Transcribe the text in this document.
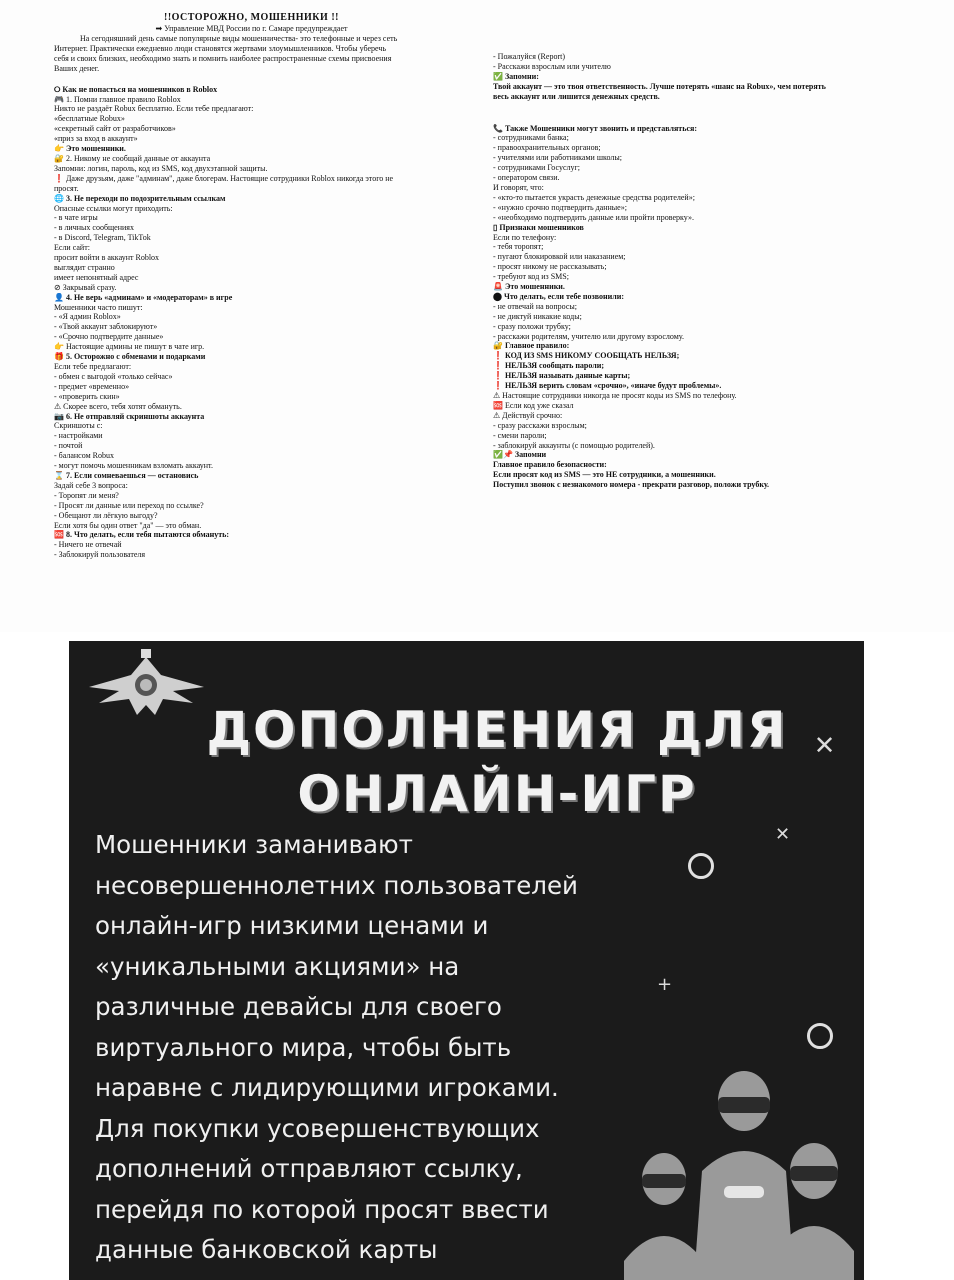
!!ОСТОРОЖНО, МОШЕННИКИ !!
➡ Управление МВД России по г. Самаре предупреждает
На сегодняшний день самые популярные виды мошенничества- это телефонные и через сеть
Интернет. Практически ежедневно люди становятся жертвами злоумышленников. Чтобы уберечь
себя и своих близких, необходимо знать и помнить наиболее распространенные схемы присвоения
Ваших денег.
⭘ Как не попасться на мошенников в Roblox
🎮 1. Помни главное правило Roblox
Никто не раздаёт Robux бесплатно. Если тебе предлагают:
«бесплатные Robux»
«секретный сайт от разработчиков»
«приз за вход в аккаунт»
👉 Это мошенники.
🔐 2. Никому не сообщай данные от аккаунта
Запомни: логин, пароль, код из SMS, код двухэтапной защиты.
❗ Даже друзьям, даже "админам", даже блогерам. Настоящие сотрудники Roblox никогда этого не
просят.
🌐 3. Не переходи по подозрительным ссылкам
Опасные ссылки могут приходить:
- в чате игры
- в личных сообщениях
- в Discord, Telegram, TikTok
Если сайт:
просит войти в аккаунт Roblox
выглядит странно
имеет непонятный адрес
⊘ Закрывай сразу.
👤 4. Не верь «админам» и «модераторам» в игре
Мошенники часто пишут:
- «Я админ Roblox»
- «Твой аккаунт заблокируют»
- «Срочно подтвердите данные»
👉 Настоящие админы не пишут в чате игр.
🎁 5. Осторожно с обменами и подарками
Если тебе предлагают:
- обмен с выгодой «только сейчас»
- предмет «временно»
- «проверить скин»
⚠ Скорее всего, тебя хотят обмануть.
📷 6. Не отправляй скриншоты аккаунта
Скриншоты с:
- настройками
- почтой
- балансом Robux
- могут помочь мошенникам взломать аккаунт.
⌛ 7. Если сомневаешься — остановись
Задай себе 3 вопроса:
- Торопят ли меня?
- Просят ли данные или переход по ссылке?
- Обещают ли лёгкую выгоду?
Если хотя бы один ответ "да" — это обман.
🆘 8. Что делать, если тебя пытаются обмануть:
- Ничего не отвечай
- Заблокируй пользователя
- Пожалуйся (Report)
- Расскажи взрослым или учителю
✅ Запомни:
Твой аккаунт — это твоя ответственность. Лучше потерять «шанс на Robux», чем потерять
весь аккаунт или лишится денежных средств.
📞 Также Мошенники могут звонить и представляться:
- сотрудниками банка;
- правоохранительных органов;
- учителями или работниками школы;
- сотрудниками Госуслуг;
- оператором связи.
И говорят, что:
- «кто-то пытается украсть денежные средства родителей»;
- «нужно срочно подтвердить данные»;
- «необходимо подтвердить данные или пройти проверку».
▯ Признаки мошенников
Если по телефону:
- тебя торопят;
- пугают блокировкой или наказанием;
- просят никому не рассказывать;
- требуют код из SMS;
🚨 Это мошенники.
⬤ Что делать, если тебе позвонили:
- не отвечай на вопросы;
- не диктуй никакие коды;
- сразу положи трубку;
- расскажи родителям, учителю или другому взрослому.
🔐 Главное правило:
❗ КОД ИЗ SMS НИКОМУ СООБЩАТЬ НЕЛЬЗЯ;
❗ НЕЛЬЗЯ сообщать пароли;
❗ НЕЛЬЗЯ называть данные карты;
❗ НЕЛЬЗЯ верить словам «срочно», «иначе будут проблемы».
⚠ Настоящие сотрудники никогда не просят коды из SMS по телефону.
🆘 Если код уже сказал
⚠ Действуй срочно:
- сразу расскажи взрослым;
- смени пароли;
- заблокируй аккаунты (с помощью родителей).
✅📌 Запомни
Главное правило безопасности:
Если просят код из SMS — это НЕ сотрудники, а мошенники.
Поступил звонок с незнакомого номера - прекрати разговор, положи трубку.
ДОПОЛНЕНИЯ ДЛЯ
ОНЛАЙН-ИГР
+
✕
+
Мошенники заманивают
несовершеннолетних пользователей
онлайн-игр низкими ценами и
«уникальными акциями» на
различные девайсы для своего
виртуального мира, чтобы быть
наравне с лидирующими игроками.
Для покупки усовершенствующих
дополнений отправляют ссылку,
перейдя по которой просят ввести
данные банковской карты
